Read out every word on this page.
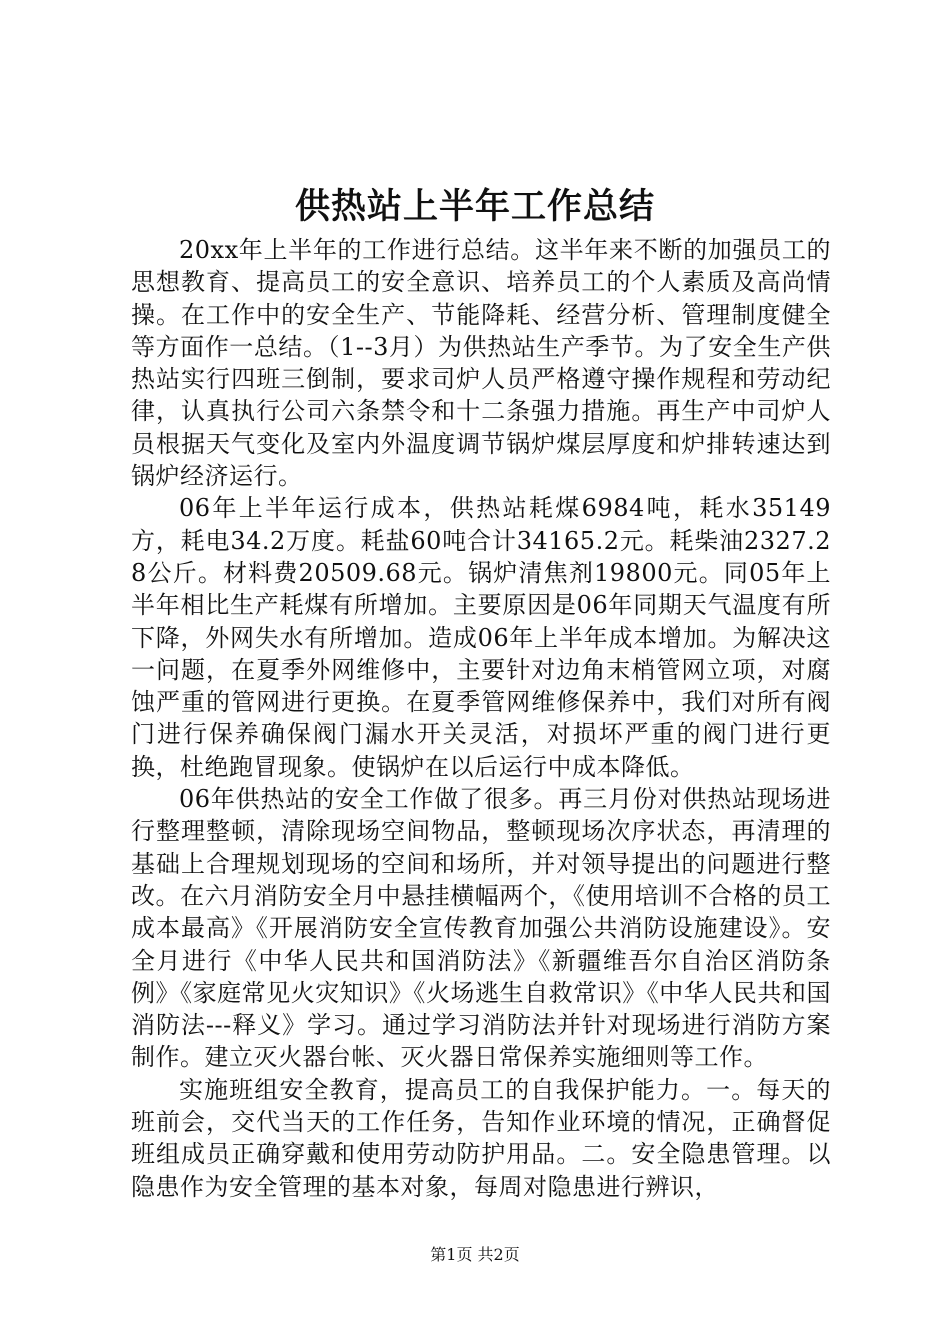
供热站上半年工作总结

20xx年上半年的工作进行总结。这半年来不断的加强员工的思想教育、提高员工的安全意识、培养员工的个人素质及高尚情操。在工作中的安全生产、节能降耗、经营分析、管理制度健全等方面作一总结。（1--3月）为供热站生产季节。为了安全生产供热站实行四班三倒制，要求司炉人员严格遵守操作规程和劳动纪律，认真执行公司六条禁令和十二条强力措施。再生产中司炉人员根据天气变化及室内外温度调节锅炉煤层厚度和炉排转速达到锅炉经济运行。

06年上半年运行成本，供热站耗煤6984吨，耗水35149方，耗电34.2万度。耗盐60吨合计34165.2元。耗柴油2327.28公斤。材料费20509.68元。锅炉清焦剂19800元。同05年上半年相比生产耗煤有所增加。主要原因是06年同期天气温度有所下降，外网失水有所增加。造成06年上半年成本增加。为解决这一问题，在夏季外网维修中，主要针对边角末梢管网立项，对腐蚀严重的管网进行更换。在夏季管网维修保养中，我们对所有阀门进行保养确保阀门漏水开关灵活，对损坏严重的阀门进行更换，杜绝跑冒现象。使锅炉在以后运行中成本降低。

06年供热站的安全工作做了很多。再三月份对供热站现场进行整理整顿，清除现场空间物品，整顿现场次序状态，再清理的基础上合理规划现场的空间和场所，并对领导提出的问题进行整改。在六月消防安全月中悬挂横幅两个，《使用培训不合格的员工成本最高》《开展消防安全宣传教育加强公共消防设施建设》。安全月进行《中华人民共和国消防法》《新疆维吾尔自治区消防条例》《家庭常见火灾知识》《火场逃生自救常识》《中华人民共和国消防法---释义》学习。通过学习消防法并针对现场进行消防方案制作。建立灭火器台帐、灭火器日常保养实施细则等工作。

实施班组安全教育，提高员工的自我保护能力。一。每天的班前会，交代当天的工作任务，告知作业环境的情况，正确督促班组成员正确穿戴和使用劳动防护用品。二。安全隐患管理。以隐患作为安全管理的基本对象，每周对隐患进行辨识，

第1页 共2页
